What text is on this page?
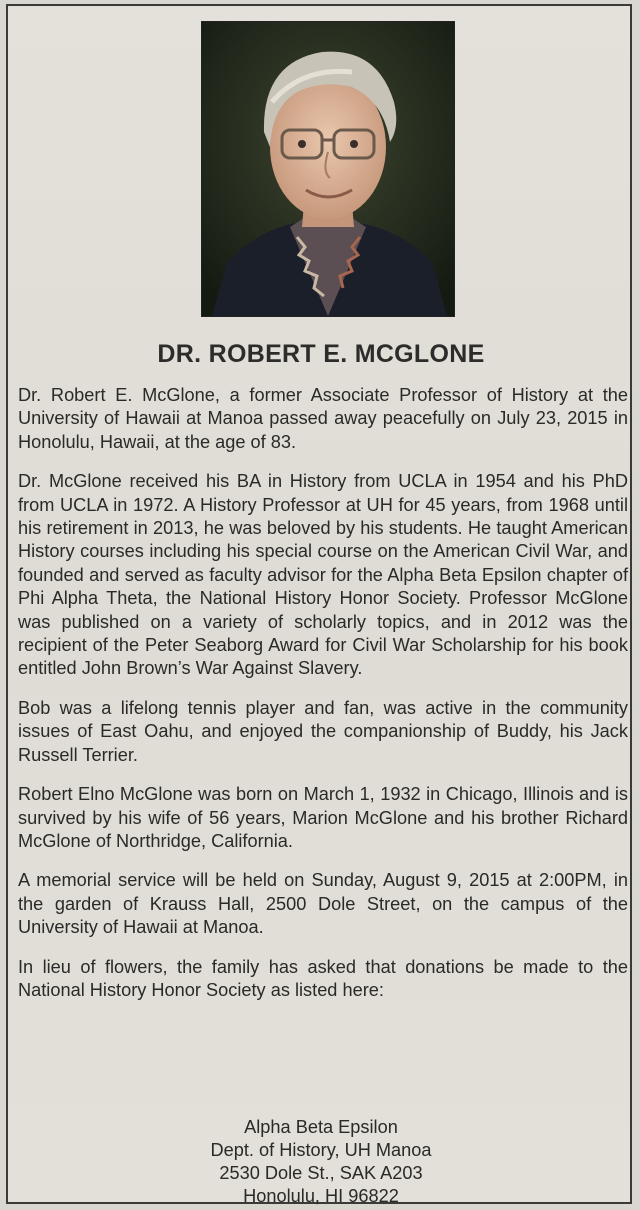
DR. ROBERT E. MCGLONE

Dr. Robert E. McGlone, a former Associate Professor of History at the University of Hawaii at Manoa passed away peacefully on July 23, 2015 in Honolulu, Hawaii, at the age of 83.

Dr. McGlone received his BA in History from UCLA in 1954 and his PhD from UCLA in 1972. A History Professor at UH for 45 years, from 1968 until his retirement in 2013, he was beloved by his students. He taught American History courses including his special course on the American Civil War, and founded and served as faculty advisor for the Alpha Beta Epsilon chapter of Phi Alpha Theta, the National History Honor Society. Professor McGlone was published on a variety of scholarly topics, and in 2012 was the recipient of the Peter Seaborg Award for Civil War Scholarship for his book entitled John Brown’s War Against Slavery.

Bob was a lifelong tennis player and fan, was active in the community issues of East Oahu, and enjoyed the companionship of Buddy, his Jack Russell Terrier.

Robert Elno McGlone was born on March 1, 1932 in Chicago, Illinois and is survived by his wife of 56 years, Marion McGlone and his brother Richard McGlone of Northridge, California.

A memorial service will be held on Sunday, August 9, 2015 at 2:00PM, in the garden of Krauss Hall, 2500 Dole Street, on the campus of the University of Hawaii at Manoa.

In lieu of flowers, the family has asked that donations be made to the National History Honor Society as listed here:

Alpha Beta Epsilon
Dept. of History, UH Manoa
2530 Dole St., SAK A203
Honolulu, HI 96822
